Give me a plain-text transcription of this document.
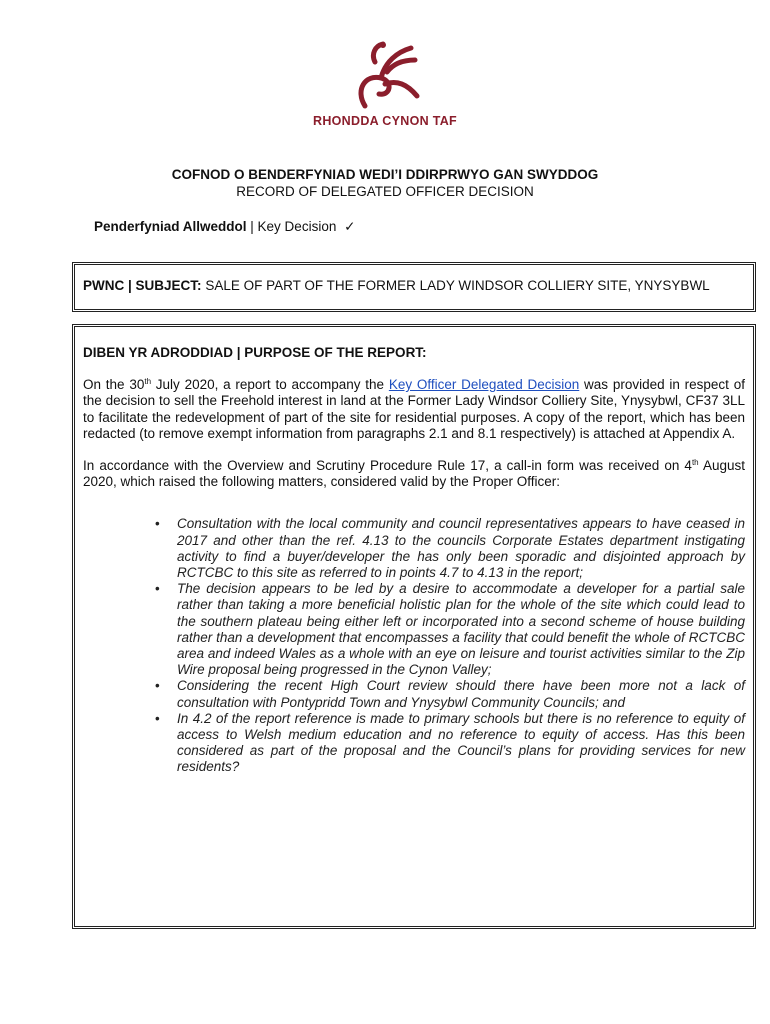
RHONDDA CYNON TAF
COFNOD O BENDERFYNIAD WEDI’I DDIRPRWYO GAN SWYDDOG
RECORD OF DELEGATED OFFICER DECISION
Penderfyniad Allweddol | Key Decision ✓
PWNC | SUBJECT: SALE OF PART OF THE FORMER LADY WINDSOR COLLIERY SITE, YNYSYBWL
DIBEN YR ADRODDIAD | PURPOSE OF THE REPORT:
On the 30th July 2020, a report to accompany the Key Officer Delegated Decision was provided in respect of the decision to sell the Freehold interest in land at the Former Lady Windsor Colliery Site, Ynysybwl, CF37 3LL to facilitate the redevelopment of part of the site for residential purposes. A copy of the report, which has been redacted (to remove exempt information from paragraphs 2.1 and 8.1 respectively) is attached at Appendix A.
In accordance with the Overview and Scrutiny Procedure Rule 17, a call-in form was received on 4th August 2020, which raised the following matters, considered valid by the Proper Officer:
• Consultation with the local community and council representatives appears to have ceased in 2017 and other than the ref. 4.13 to the councils Corporate Estates department instigating activity to find a buyer/developer the has only been sporadic and disjointed approach by RCTCBC to this site as referred to in points 4.7 to 4.13 in the report;
• The decision appears to be led by a desire to accommodate a developer for a partial sale rather than taking a more beneficial holistic plan for the whole of the site which could lead to the southern plateau being either left or incorporated into a second scheme of house building rather than a development that encompasses a facility that could benefit the whole of RCTCBC area and indeed Wales as a whole with an eye on leisure and tourist activities similar to the Zip Wire proposal being progressed in the Cynon Valley;
• Considering the recent High Court review should there have been more not a lack of consultation with Pontypridd Town and Ynysybwl Community Councils; and
• In 4.2 of the report reference is made to primary schools but there is no reference to equity of access to Welsh medium education and no reference to equity of access. Has this been considered as part of the proposal and the Council’s plans for providing services for new residents?
